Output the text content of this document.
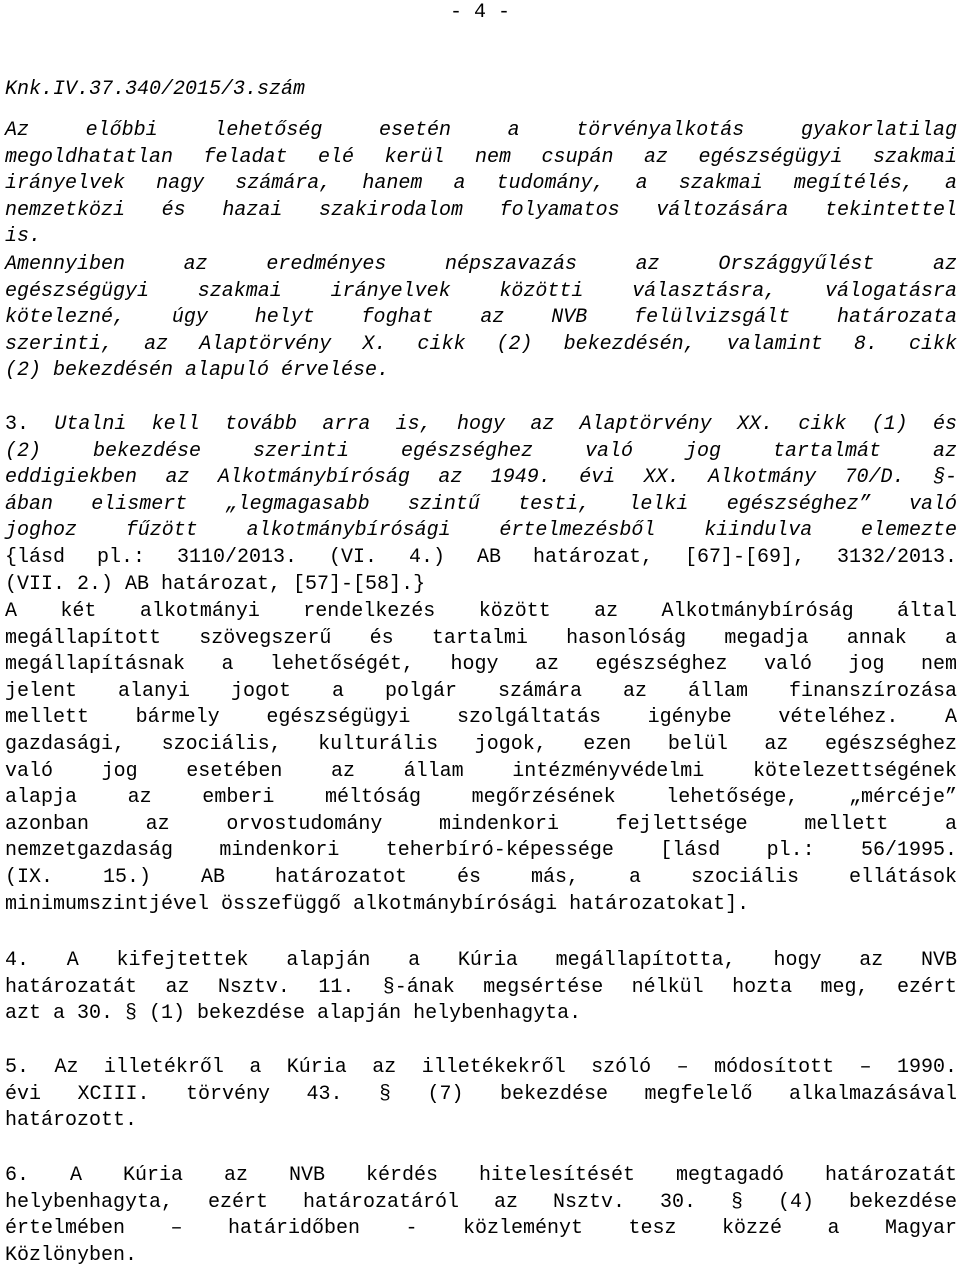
- 4 -
Knk.IV.37.340/2015/3.szám
Az előbbi lehetőség esetén a törvényalkotás gyakorlatilag
megoldhatatlan feladat elé kerül nem csupán az egészségügyi szakmai
irányelvek nagy számára, hanem a tudomány, a szakmai megítélés, a
nemzetközi és hazai szakirodalom folyamatos változására tekintettel
is.
Amennyiben az eredményes népszavazás az Országgyűlést az
egészségügyi szakmai irányelvek közötti választásra, válogatásra
kötelezné, úgy helyt foghat az NVB felülvizsgált határozata
szerinti, az Alaptörvény X. cikk (2) bekezdésén, valamint 8. cikk
(2) bekezdésén alapuló érvelése.
3. Utalni kell tovább arra is, hogy az Alaptörvény XX. cikk (1) és
(2) bekezdése szerinti egészséghez való jog tartalmát az
eddigiekben az Alkotmánybíróság az 1949. évi XX. Alkotmány 70/D. §-
ában elismert „legmagasabb szintű testi, lelki egészséghez” való
joghoz fűzött alkotmánybírósági értelmezésből kiindulva elemezte
{lásd pl.: 3110/2013. (VI. 4.) AB határozat, [67]-[69], 3132/2013.
(VII. 2.) AB határozat, [57]-[58].}
A két alkotmányi rendelkezés között az Alkotmánybíróság által
megállapított szövegszerű és tartalmi hasonlóság megadja annak a
megállapításnak a lehetőségét, hogy az egészséghez való jog nem
jelent alanyi jogot a polgár számára az állam finanszírozása
mellett bármely egészségügyi szolgáltatás igénybe vételéhez. A
gazdasági, szociális, kulturális jogok, ezen belül az egészséghez
való jog esetében az állam intézményvédelmi kötelezettségének
alapja az emberi méltóság megőrzésének lehetősége, „mércéje”
azonban az orvostudomány mindenkori fejlettsége mellett a
nemzetgazdaság mindenkori teherbíró-képessége [lásd pl.: 56/1995.
(IX. 15.) AB határozatot és más, a szociális ellátások
minimumszintjével összefüggő alkotmánybírósági határozatokat].
4. A kifejtettek alapján a Kúria megállapította, hogy az NVB
határozatát az Nsztv. 11. §-ának megsértése nélkül hozta meg, ezért
azt a 30. § (1) bekezdése alapján helybenhagyta.
5. Az illetékről a Kúria az illetékekről szóló – módosított – 1990.
évi XCIII. törvény 43. § (7) bekezdése megfelelő alkalmazásával
határozott.
6. A Kúria az NVB kérdés hitelesítését megtagadó határozatát
helybenhagyta, ezért határozatáról az Nsztv. 30. § (4) bekezdése
értelmében – határidőben - közleményt tesz közzé a Magyar
Közlönyben.
